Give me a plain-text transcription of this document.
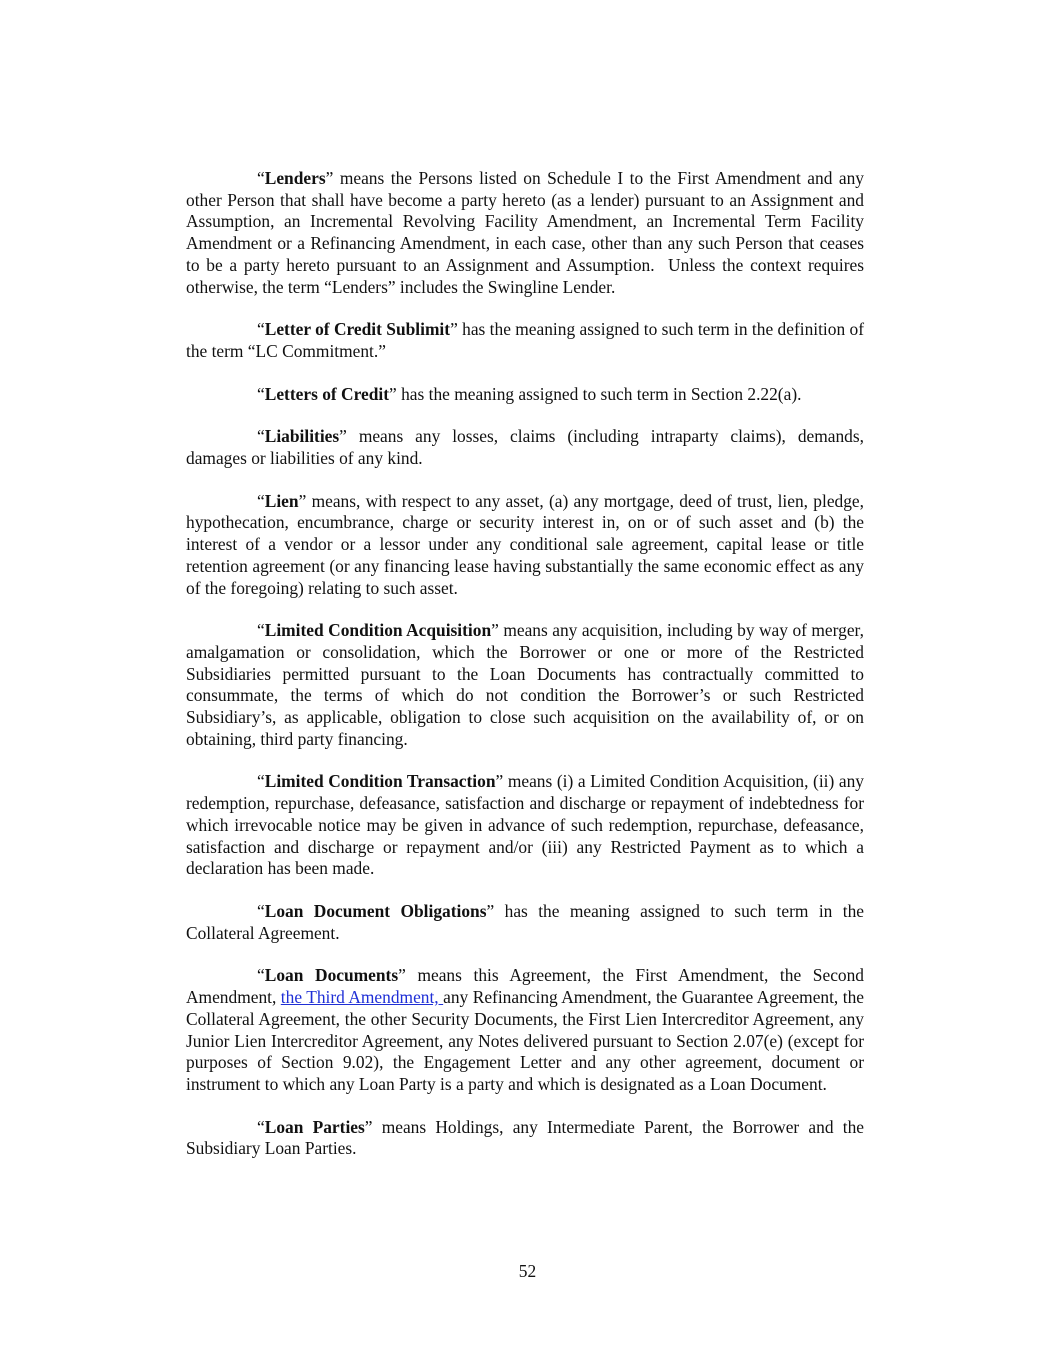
“Lenders” means the Persons listed on Schedule I to the First Amendment and any other Person that shall have become a party hereto (as a lender) pursuant to an Assignment and Assumption, an Incremental Revolving Facility Amendment, an Incremental Term Facility Amendment or a Refinancing Amendment, in each case, other than any such Person that ceases to be a party hereto pursuant to an Assignment and Assumption.  Unless the context requires otherwise, the term “Lenders” includes the Swingline Lender.

“Letter of Credit Sublimit” has the meaning assigned to such term in the definition of the term “LC Commitment.”

“Letters of Credit” has the meaning assigned to such term in Section 2.22(a).

“Liabilities” means any losses, claims (including intraparty claims), demands, damages or liabilities of any kind.

“Lien” means, with respect to any asset, (a) any mortgage, deed of trust, lien, pledge, hypothecation, encumbrance, charge or security interest in, on or of such asset and (b) the interest of a vendor or a lessor under any conditional sale agreement, capital lease or title retention agreement (or any financing lease having substantially the same economic effect as any of the foregoing) relating to such asset.

“Limited Condition Acquisition” means any acquisition, including by way of merger, amalgamation or consolidation, which the Borrower or one or more of the Restricted Subsidiaries permitted pursuant to the Loan Documents has contractually committed to consummate, the terms of which do not condition the Borrower’s or such Restricted Subsidiary’s, as applicable, obligation to close such acquisition on the availability of, or on obtaining, third party financing.

“Limited Condition Transaction” means (i) a Limited Condition Acquisition, (ii) any redemption, repurchase, defeasance, satisfaction and discharge or repayment of indebtedness for which irrevocable notice may be given in advance of such redemption, repurchase, defeasance, satisfaction and discharge or repayment and/or (iii) any Restricted Payment as to which a declaration has been made.

“Loan Document Obligations” has the meaning assigned to such term in the Collateral Agreement.

“Loan Documents” means this Agreement, the First Amendment, the Second Amendment, the Third Amendment, any Refinancing Amendment, the Guarantee Agreement, the Collateral Agreement, the other Security Documents, the First Lien Intercreditor Agreement, any Junior Lien Intercreditor Agreement, any Notes delivered pursuant to Section 2.07(e) (except for purposes of Section 9.02), the Engagement Letter and any other agreement, document or instrument to which any Loan Party is a party and which is designated as a Loan Document.

“Loan Parties” means Holdings, any Intermediate Parent, the Borrower and the Subsidiary Loan Parties.

52
